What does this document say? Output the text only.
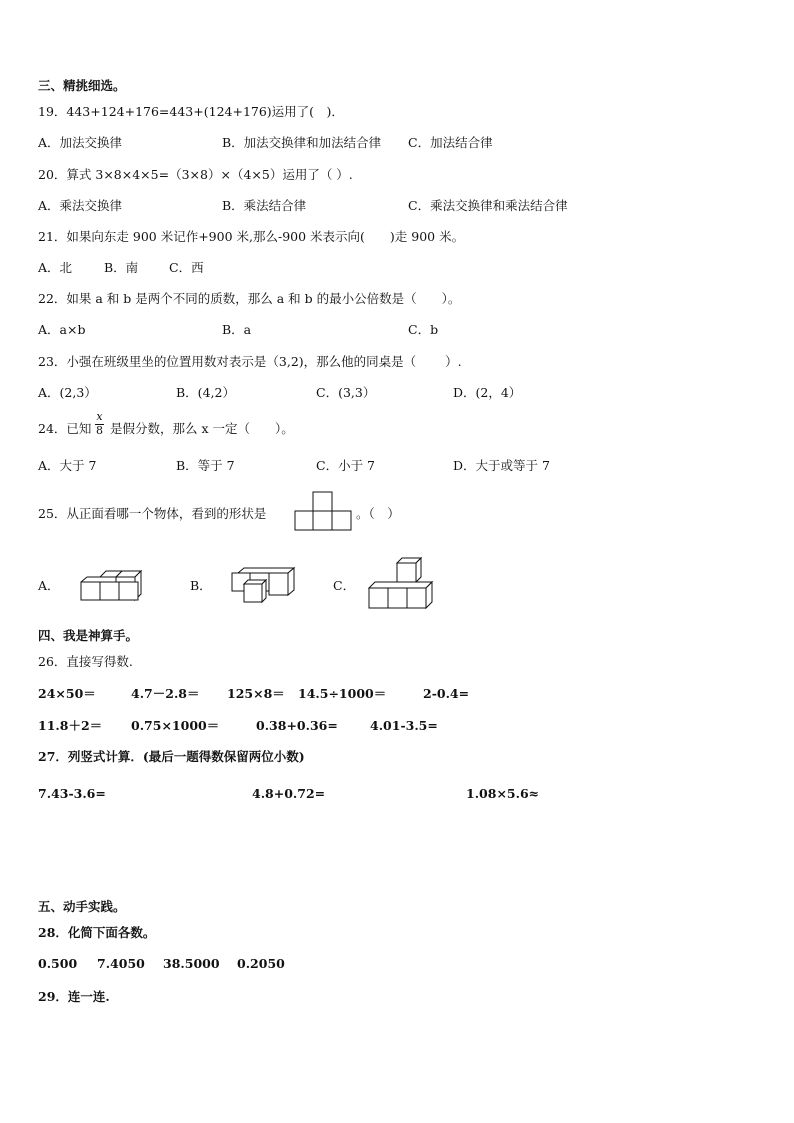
三、精挑细选。
19．443+124+176=443+(124+176)运用了(　)．
A．加法交换律	B．加法交换律和加法结合律 C．加法结合律
20．算式 3×8×4×5=（3×8）×（4×5）运用了（ ）.
A．乘法交换律	B．乘法结合律	C．乘法交换律和乘法结合律
21．如果向东走 900 米记作+900 米,那么-900 米表示向(　　)走 900 米。
A．北	B．南 C．西
22．如果 a 和 b 是两个不同的质数，那么 a 和 b 的最小公倍数是（　　）。
A．a×b	B．a	C．b
23．小强在班级里坐的位置用数对表示是（3,2)，那么他的同桌是（　　 ）.
A．(2,3）	B．(4,2）	C．(3,3）	D．(2，4）
24．已知
x
8 是假分数，那么 x 一定（　　）。
A．大于 7	B．等于 7	C．小于 7	D．大于或等于 7
25．从正面看哪一个物体，看到的形状是	。（　）
A．	B．	C．
四、我是神算手。
26．直接写得数.
24×50＝	4.7－2.8＝ 125×8＝ 14.5÷1000＝	2-0.4=
11.8＋2＝ 0.75×1000＝	0.38+0.36=	4.01-3.5=
27．列竖式计算．(最后一题得数保留两位小数)
7.43-3.6=	4.8+0.72=	1.08×5.6≈
五、动手实践。
28．化简下面各数。
0.500 7.4050 38.5000 0.2050
29．连一连.
